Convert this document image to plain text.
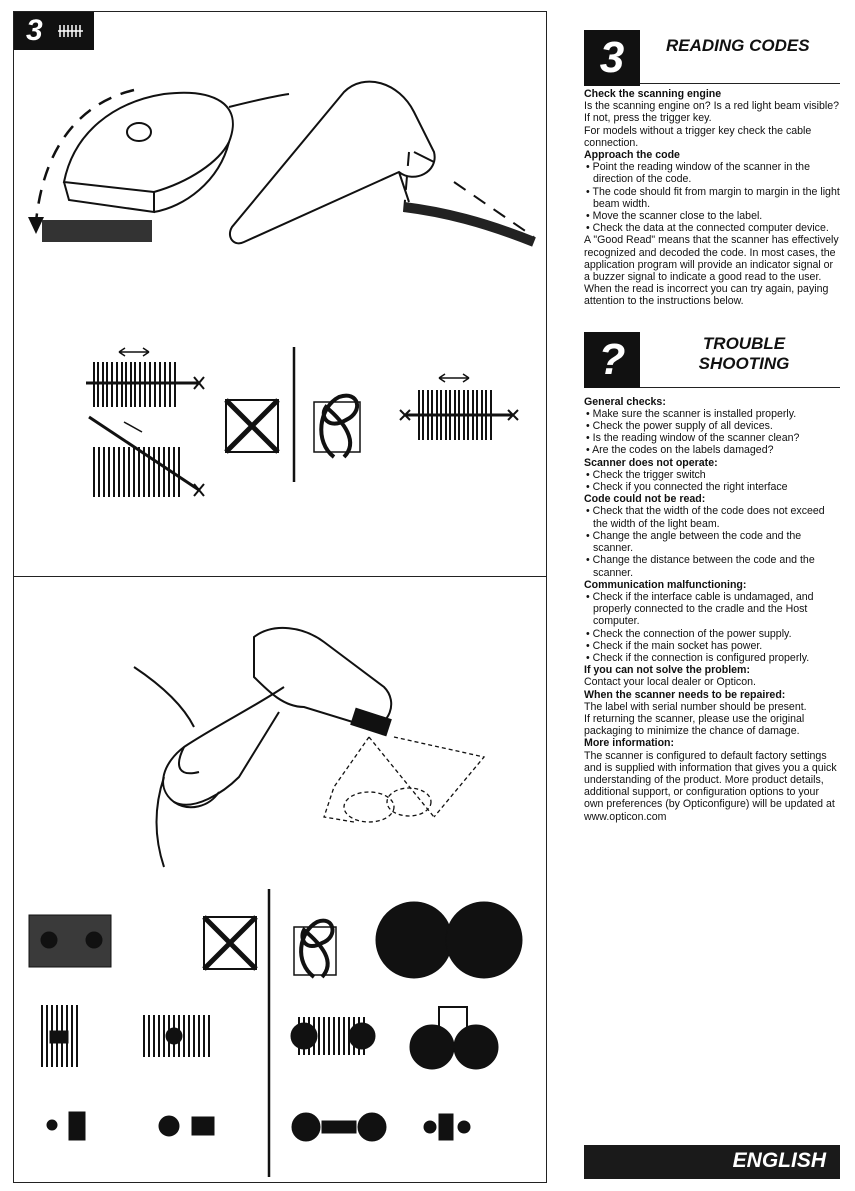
3
3	READING CODES

Check the scanning engine

Is the scanning engine on? Is a red light beam visible?

If not, press the trigger key.

For models without a trigger key check the cable connection.

Approach the code

• Point the reading window of the scanner in the direction of the code.

• The code should fit from margin to margin in the light beam width.

• Move the scanner close to the label.

• Check the data at the connected computer device.

A "Good Read" means that the scanner has effectively recognized and decoded the code. In most cases, the application program will provide an indicator signal or a buzzer signal to indicate a good read to the user.

When the read is incorrect you can try again, paying attention to the instructions below.

?	TROUBLE
SHOOTING

General checks:

• Make sure the scanner is installed properly.

• Check the power supply of all devices.

• Is the reading window of the scanner clean?

• Are the codes on the labels damaged?

Scanner does not operate:

• Check the trigger switch

• Check if you connected the right interface

Code could not be read:

• Check that the width of the code does not exceed the width of the light beam.

• Change the angle between the code and the scanner.

• Change the distance between the code and the scanner.

Communication malfunctioning:

• Check if the interface cable is undamaged, and properly connected to the cradle and the Host computer.

• Check the connection of the power supply.

• Check if the main socket has power.

• Check if the connection is configured properly.

If you can not solve the problem:

Contact your local dealer or Opticon.

When the scanner needs to be repaired:

The label with serial number should be present.

If returning the scanner, please use the original packaging to minimize the chance of damage.

More information:

The scanner is configured to default factory settings and is supplied with information that gives you a quick understanding of the product. More product details, additional support, or configuration options to your own preferences (by Opticonfigure) will be updated at www.opticon.com

ENGLISH
